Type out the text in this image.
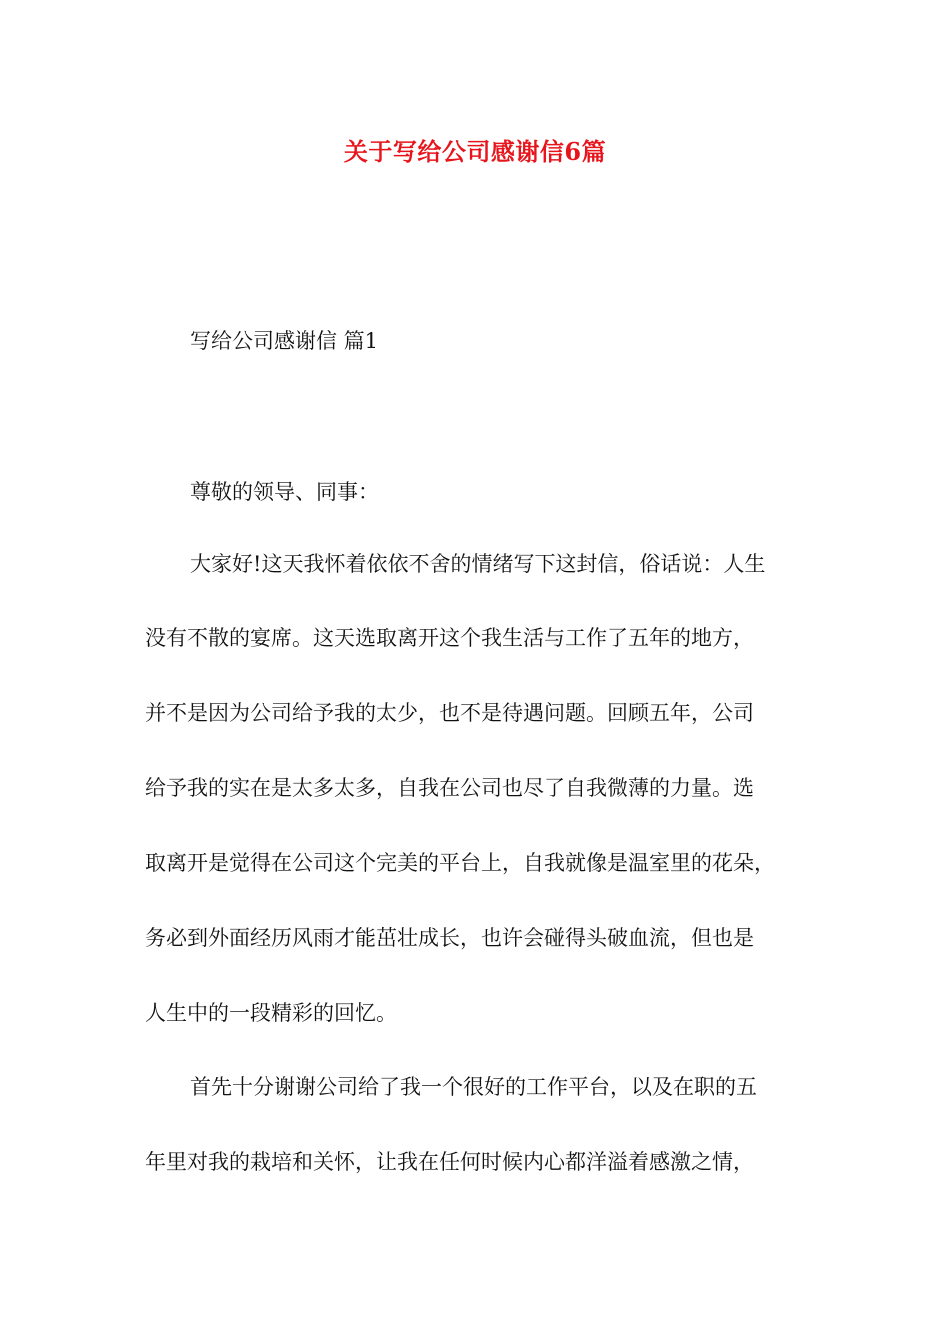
关于写给公司感谢信6篇
写给公司感谢信 篇1
尊敬的领导、同事：
大家好!这天我怀着依依不舍的情绪写下这封信，俗话说：人生
没有不散的宴席。这天选取离开这个我生活与工作了五年的地方，
并不是因为公司给予我的太少，也不是待遇问题。回顾五年，公司
给予我的实在是太多太多，自我在公司也尽了自我微薄的力量。选
取离开是觉得在公司这个完美的平台上，自我就像是温室里的花朵，
务必到外面经历风雨才能茁壮成长，也许会碰得头破血流，但也是
人生中的一段精彩的回忆。
首先十分谢谢公司给了我一个很好的工作平台，以及在职的五
年里对我的栽培和关怀，让我在任何时候内心都洋溢着感激之情，
